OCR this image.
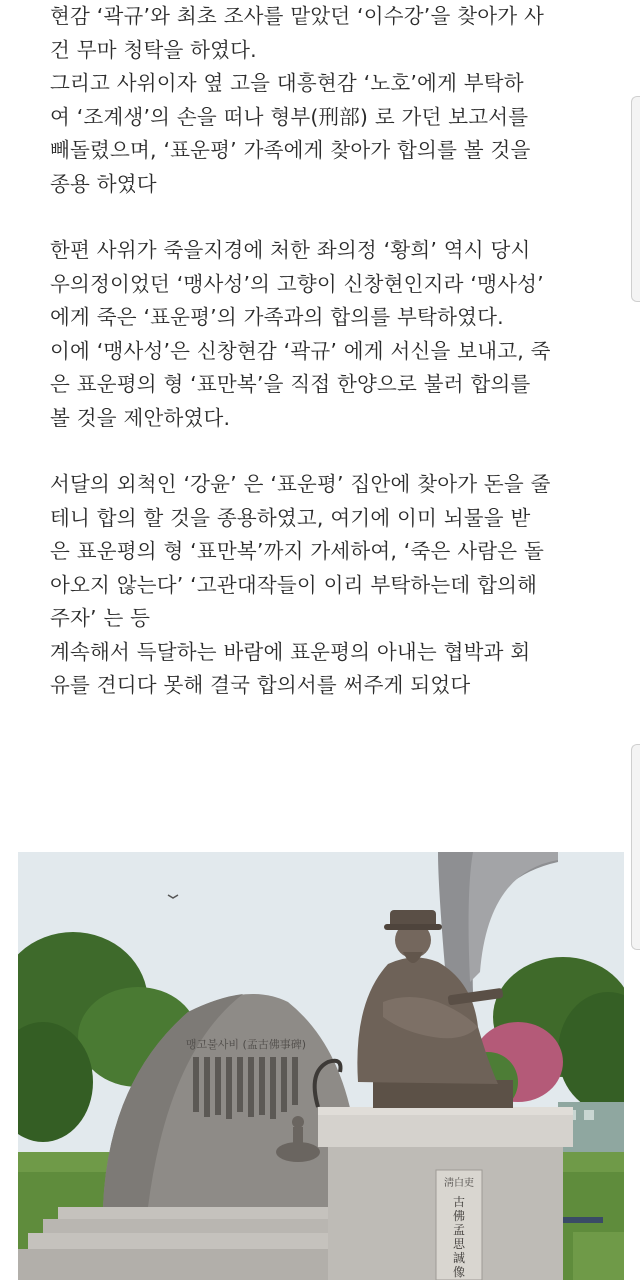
현감 ‘곽규’와 최초 조사를 맡았던 ‘이수강’을 찾아가 사
건 무마 청탁을 하였다.
그리고 사위이자 옆 고을 대흥현감 ‘노호’에게 부탁하
여 ‘조계생’의 손을 떠나 형부(刑部) 로 가던 보고서를
빼돌렸으며, ‘표운평’ 가족에게 찾아가 합의를 볼 것을
종용 하였다
한편 사위가 죽을지경에 처한 좌의정 ‘황희’ 역시 당시
우의정이었던 ‘맹사성’의 고향이 신창현인지라 ‘맹사성’
에게 죽은 ‘표운평’의 가족과의 합의를 부탁하였다.
이에 ‘맹사성’은 신창현감 ‘곽규’ 에게 서신을 보내고, 죽
은 표운평의 형 ‘표만복’을 직접 한양으로 불러 합의를
볼 것을 제안하였다.
서달의 외척인 ‘강윤’ 은 ‘표운평’ 집안에 찾아가 돈을 줄
테니 합의 할 것을 종용하였고, 여기에 이미 뇌물을 받
은 표운평의 형 ‘표만복’까지 가세하여, ‘죽은 사람은 돌
아오지 않는다’ ‘고관대작들이 이리 부탁하는데 합의해
주자’ 는 등
계속해서 득달하는 바람에 표운평의 아내는 협박과 회
유를 견디다 못해 결국 합의서를 써주게 되었다
맹고불사비 (孟古佛事碑)
淸白吏
古
佛
孟
思
誠
像
